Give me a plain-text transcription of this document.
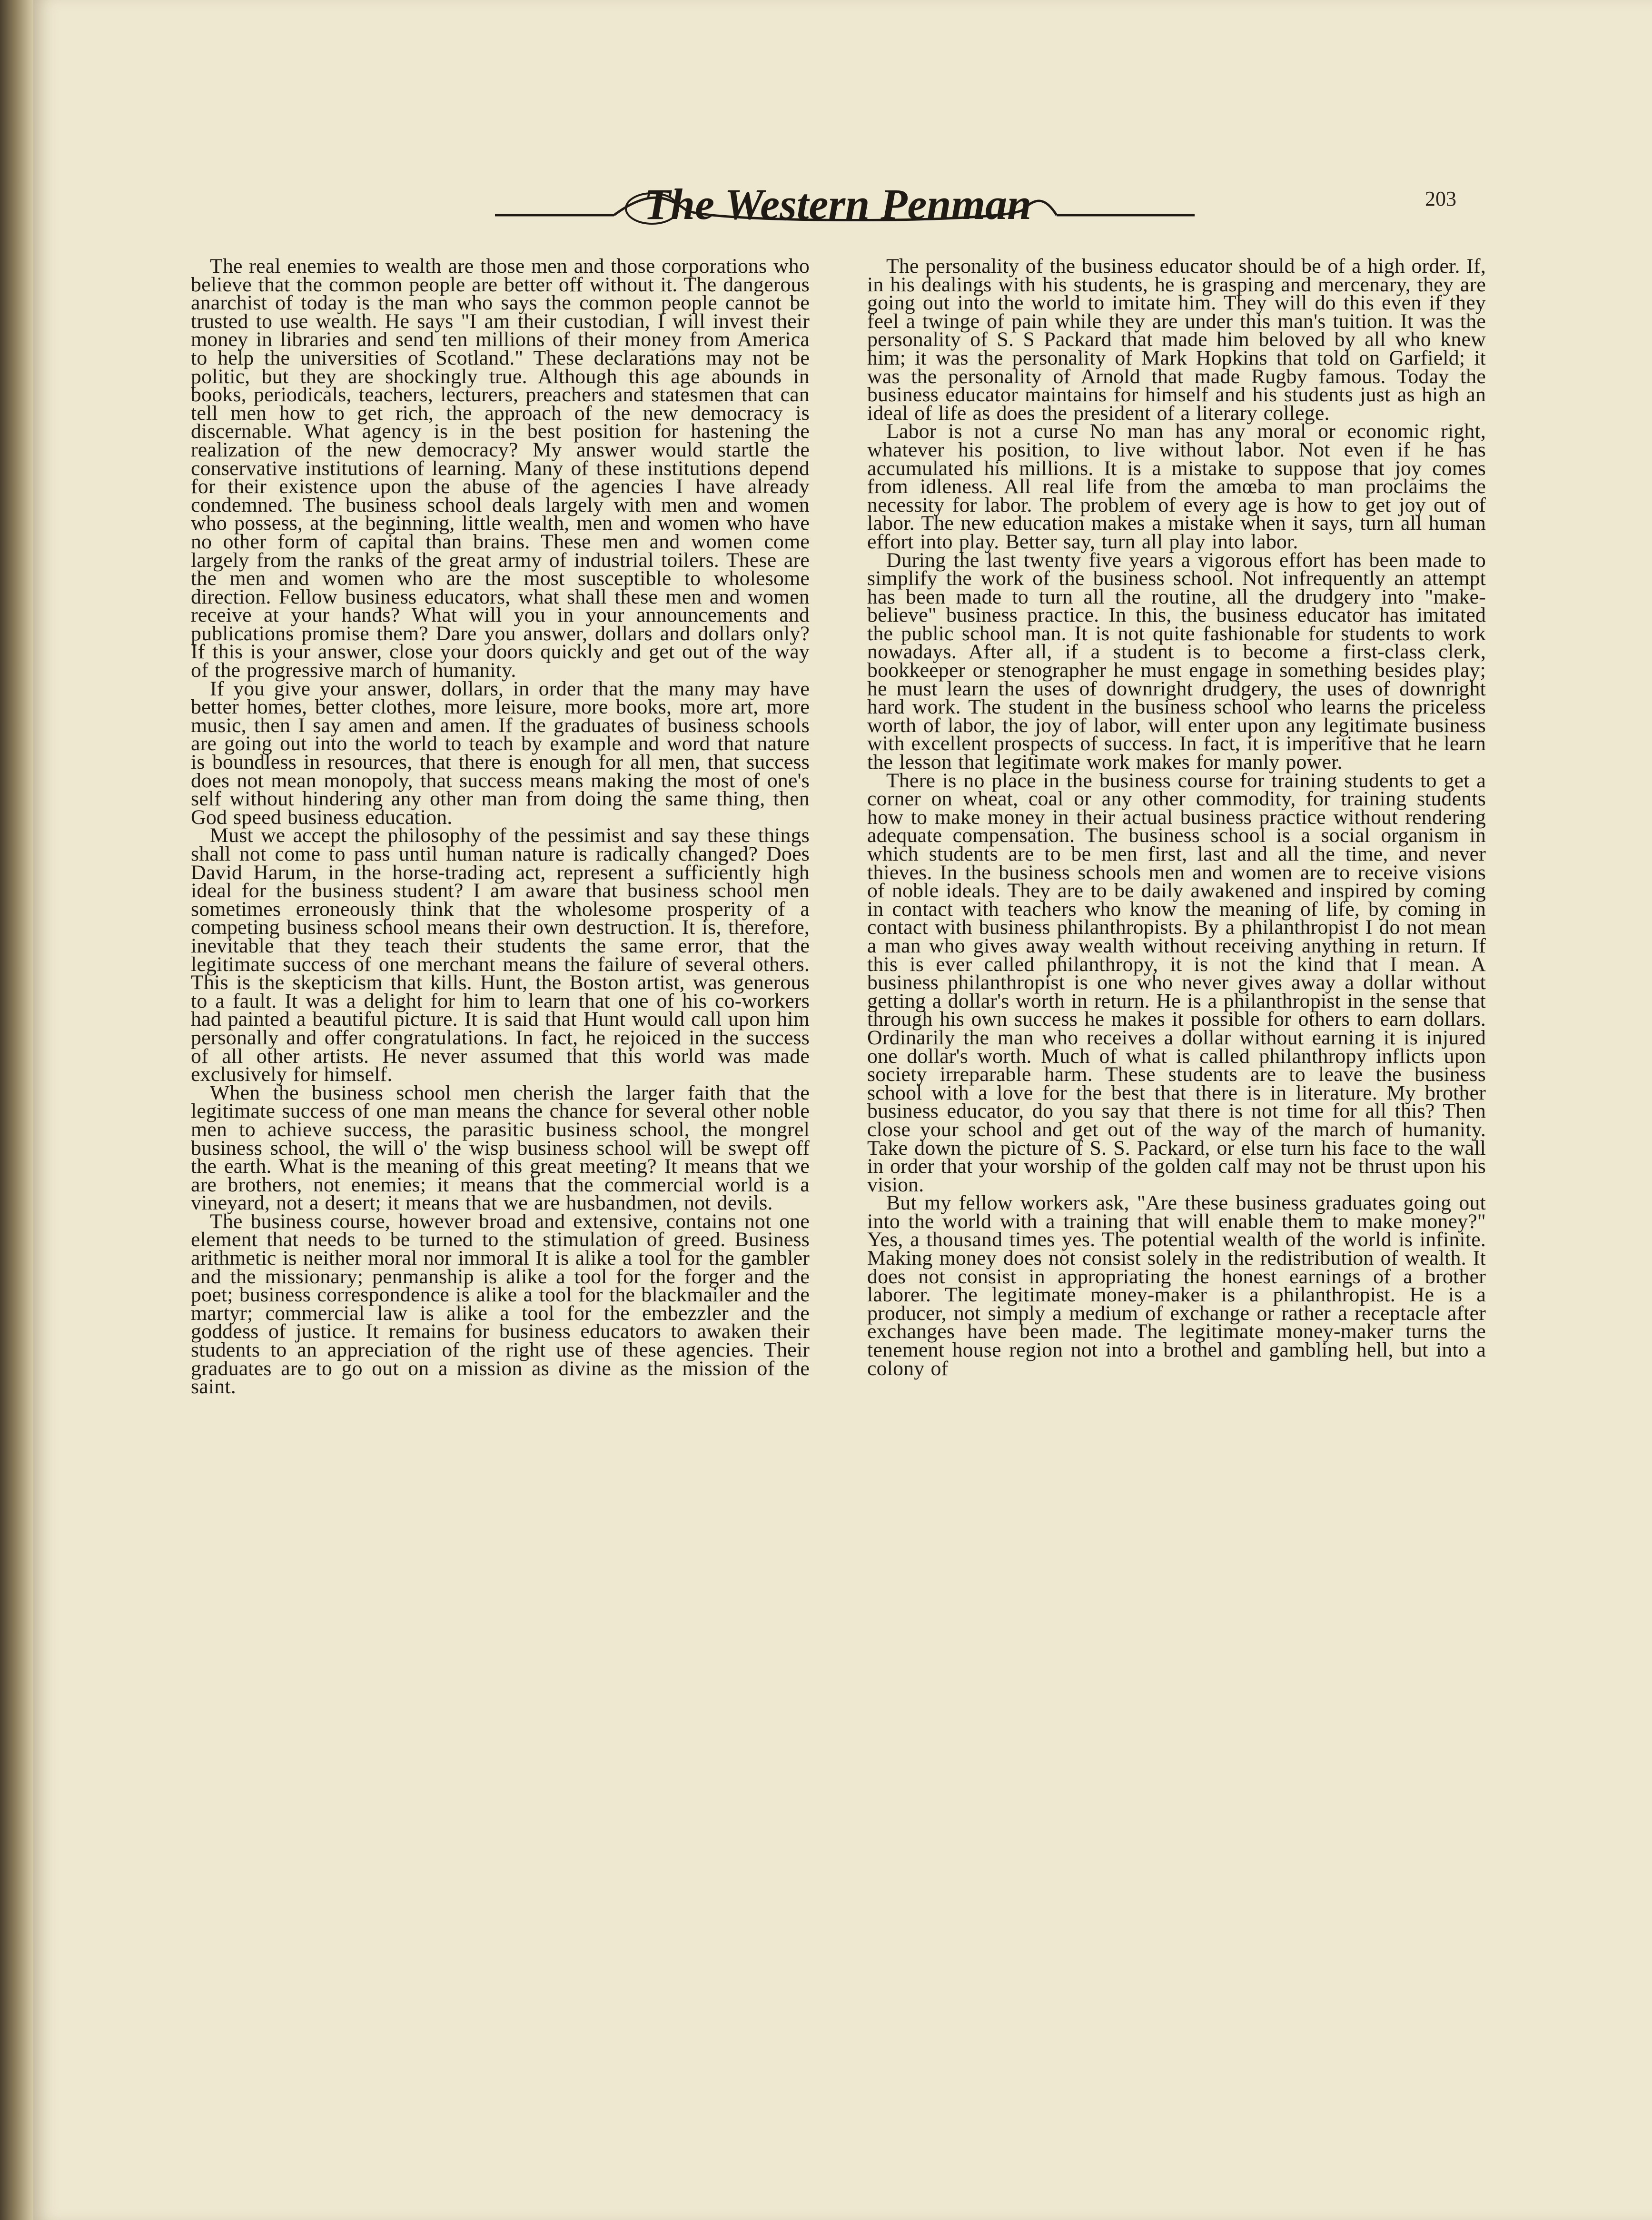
The Western Penman	203

The real enemies to wealth are those men and those corporations who believe that the common people are better off without it. The dangerous anarchist of today is the man who says the common people cannot be trusted to use wealth. He says "I am their custodian, I will invest their money in libraries and send ten millions of their money from America to help the universities of Scotland." These declarations may not be politic, but they are shockingly true. Although this age abounds in books, periodicals, teachers, lecturers, preachers and statesmen that can tell men how to get rich, the approach of the new democracy is discernable. What agency is in the best position for hastening the realization of the new democracy? My answer would startle the conservative institutions of learning. Many of these institutions depend for their existence upon the abuse of the agencies I have already condemned. The business school deals largely with men and women who possess, at the beginning, little wealth, men and women who have no other form of capital than brains. These men and women come largely from the ranks of the great army of industrial toilers. These are the men and women who are the most susceptible to wholesome direction. Fellow business educators, what shall these men and women receive at your hands? What will you in your announcements and publications promise them? Dare you answer, dollars and dollars only? If this is your answer, close your doors quickly and get out of the way of the progressive march of humanity.

If you give your answer, dollars, in order that the many may have better homes, better clothes, more leisure, more books, more art, more music, then I say amen and amen. If the graduates of business schools are going out into the world to teach by example and word that nature is boundless in resources, that there is enough for all men, that success does not mean monopoly, that success means making the most of one's self without hindering any other man from doing the same thing, then God speed business education.

Must we accept the philosophy of the pessimist and say these things shall not come to pass until human nature is radically changed? Does David Harum, in the horse-trading act, represent a sufficiently high ideal for the business student? I am aware that business school men sometimes erroneously think that the wholesome prosperity of a competing business school means their own destruction. It is, therefore, inevitable that they teach their students the same error, that the legitimate success of one merchant means the failure of several others. This is the skepticism that kills. Hunt, the Boston artist, was generous to a fault. It was a delight for him to learn that one of his co-workers had painted a beautiful picture. It is said that Hunt would call upon him personally and offer congratulations. In fact, he rejoiced in the success of all other artists. He never assumed that this world was made exclusively for himself.

When the business school men cherish the larger faith that the legitimate success of one man means the chance for several other noble men to achieve success, the parasitic business school, the mongrel business school, the will o' the wisp business school will be swept off the earth. What is the meaning of this great meeting? It means that we are brothers, not enemies; it means that the commercial world is a vineyard, not a desert; it means that we are husbandmen, not devils.

The business course, however broad and extensive, contains not one element that needs to be turned to the stimulation of greed. Business arithmetic is neither moral nor immoral It is alike a tool for the gambler and the missionary; penmanship is alike a tool for the forger and the poet; business correspondence is alike a tool for the blackmailer and the martyr; commercial law is alike a tool for the embezzler and the goddess of justice. It remains for business educators to awaken their students to an appreciation of the right use of these agencies. Their graduates are to go out on a mission as divine as the mission of the saint.

The personality of the business educator should be of a high order. If, in his dealings with his students, he is grasping and mercenary, they are going out into the world to imitate him. They will do this even if they feel a twinge of pain while they are under this man's tuition. It was the personality of S. S Packard that made him beloved by all who knew him; it was the personality of Mark Hopkins that told on Garfield; it was the personality of Arnold that made Rugby famous. Today the business educator maintains for himself and his students just as high an ideal of life as does the president of a literary college.

Labor is not a curse No man has any moral or economic right, whatever his position, to live without labor. Not even if he has accumulated his millions. It is a mistake to suppose that joy comes from idleness. All real life from the amœba to man proclaims the necessity for labor. The problem of every age is how to get joy out of labor. The new education makes a mistake when it says, turn all human effort into play. Better say, turn all play into labor.

During the last twenty five years a vigorous effort has been made to simplify the work of the business school. Not infrequently an attempt has been made to turn all the routine, all the drudgery into "make-believe" business practice. In this, the business educator has imitated the public school man. It is not quite fashionable for students to work nowadays. After all, if a student is to become a first-class clerk, bookkeeper or stenographer he must engage in something besides play; he must learn the uses of downright drudgery, the uses of downright hard work. The student in the business school who learns the priceless worth of labor, the joy of labor, will enter upon any legitimate business with excellent prospects of success. In fact, it is imperitive that he learn the lesson that legitimate work makes for manly power.

There is no place in the business course for training students to get a corner on wheat, coal or any other commodity, for training students how to make money in their actual business practice without rendering adequate compensation. The business school is a social organism in which students are to be men first, last and all the time, and never thieves. In the business schools men and women are to receive visions of noble ideals. They are to be daily awakened and inspired by coming in contact with teachers who know the meaning of life, by coming in contact with business philanthropists. By a philanthropist I do not mean a man who gives away wealth without receiving anything in return. If this is ever called philanthropy, it is not the kind that I mean. A business philanthropist is one who never gives away a dollar without getting a dollar's worth in return. He is a philanthropist in the sense that through his own success he makes it possible for others to earn dollars. Ordinarily the man who receives a dollar without earning it is injured one dollar's worth. Much of what is called philanthropy inflicts upon society irreparable harm. These students are to leave the business school with a love for the best that there is in literature. My brother business educator, do you say that there is not time for all this? Then close your school and get out of the way of the march of humanity. Take down the picture of S. S. Packard, or else turn his face to the wall in order that your worship of the golden calf may not be thrust upon his vision.

But my fellow workers ask, "Are these business graduates going out into the world with a training that will enable them to make money?" Yes, a thousand times yes. The potential wealth of the world is infinite. Making money does not consist solely in the redistribution of wealth. It does not consist in appropriating the honest earnings of a brother laborer. The legitimate money-maker is a philanthropist. He is a producer, not simply a medium of exchange or rather a receptacle after exchanges have been made. The legitimate money-maker turns the tenement house region not into a brothel and gambling hell, but into a colony of
